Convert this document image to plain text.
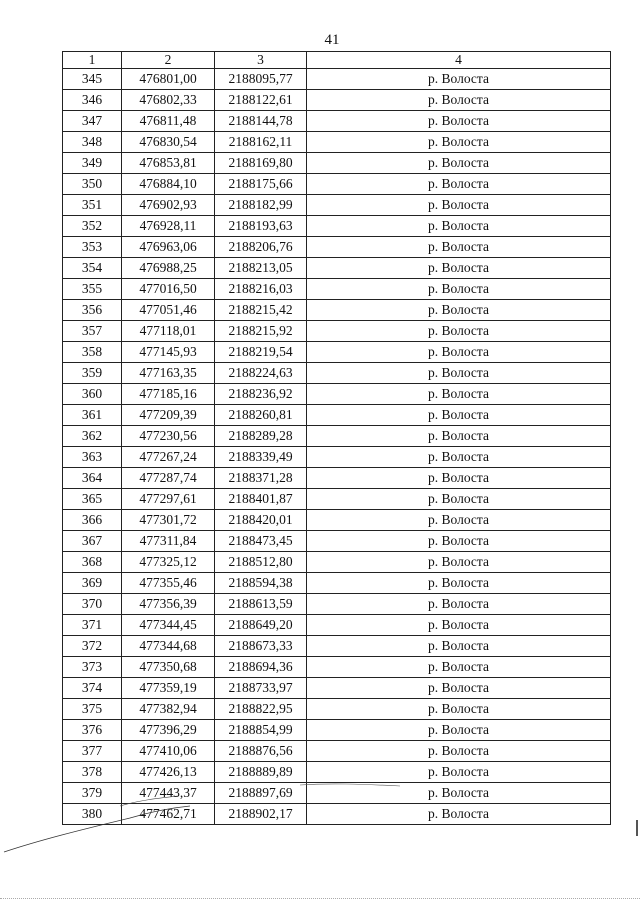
41
1	2	3	4
345	476801,00	2188095,77	р. Волоста
346	476802,33	2188122,61	р. Волоста
347	476811,48	2188144,78	р. Волоста
348	476830,54	2188162,11	р. Волоста
349	476853,81	2188169,80	р. Волоста
350	476884,10	2188175,66	р. Волоста
351	476902,93	2188182,99	р. Волоста
352	476928,11	2188193,63	р. Волоста
353	476963,06	2188206,76	р. Волоста
354	476988,25	2188213,05	р. Волоста
355	477016,50	2188216,03	р. Волоста
356	477051,46	2188215,42	р. Волоста
357	477118,01	2188215,92	р. Волоста
358	477145,93	2188219,54	р. Волоста
359	477163,35	2188224,63	р. Волоста
360	477185,16	2188236,92	р. Волоста
361	477209,39	2188260,81	р. Волоста
362	477230,56	2188289,28	р. Волоста
363	477267,24	2188339,49	р. Волоста
364	477287,74	2188371,28	р. Волоста
365	477297,61	2188401,87	р. Волоста
366	477301,72	2188420,01	р. Волоста
367	477311,84	2188473,45	р. Волоста
368	477325,12	2188512,80	р. Волоста
369	477355,46	2188594,38	р. Волоста
370	477356,39	2188613,59	р. Волоста
371	477344,45	2188649,20	р. Волоста
372	477344,68	2188673,33	р. Волоста
373	477350,68	2188694,36	р. Волоста
374	477359,19	2188733,97	р. Волоста
375	477382,94	2188822,95	р. Волоста
376	477396,29	2188854,99	р. Волоста
377	477410,06	2188876,56	р. Волоста
378	477426,13	2188889,89	р. Волоста
379	477443,37	2188897,69	р. Волоста
380	477462,71	2188902,17	р. Волоста
